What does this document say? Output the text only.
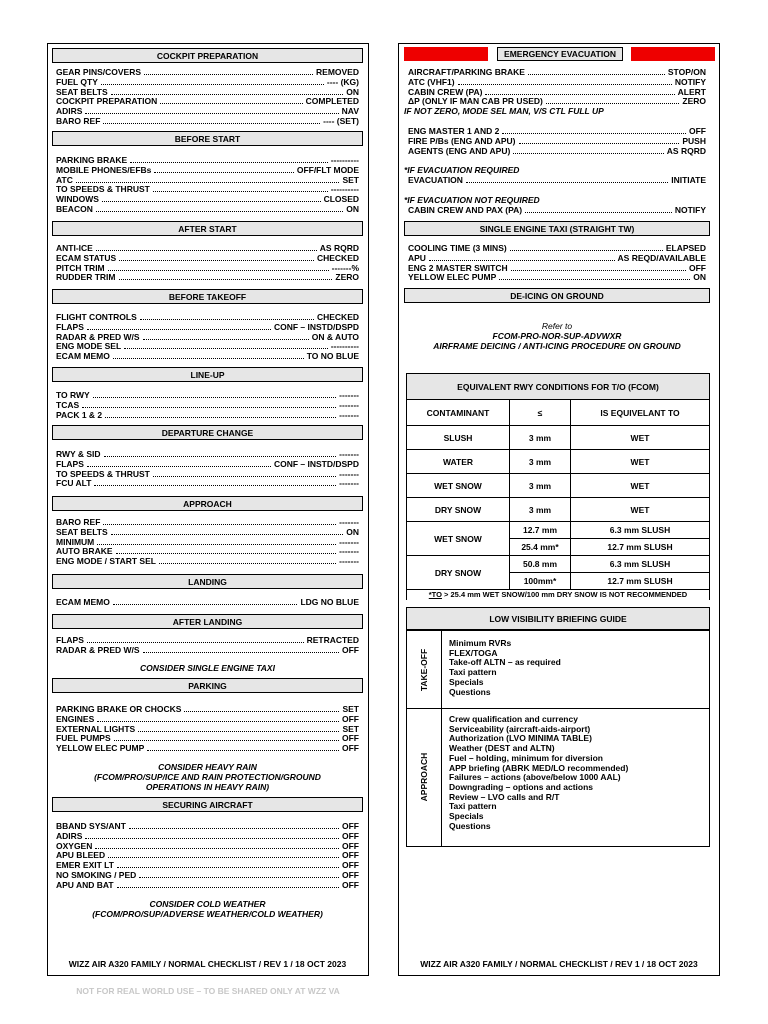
COCKPIT PREPARATION
GEAR PINS/COVERS	REMOVED
FUEL QTY	---- (KG)
SEAT BELTS	ON
COCKPIT PREPARATION	COMPLETED
ADIRS	NAV
BARO REF	---- (SET)
BEFORE START
PARKING BRAKE	----------
MOBILE PHONES/EFBs	OFF/FLT MODE
ATC	SET
TO SPEEDS & THRUST	----------
WINDOWS	CLOSED
BEACON	ON
AFTER START
ANTI-ICE	AS RQRD
ECAM STATUS	CHECKED
PITCH TRIM	-------%
RUDDER TRIM	ZERO
BEFORE TAKEOFF
FLIGHT CONTROLS	CHECKED
FLAPS	CONF – INSTD/DSPD
RADAR & PRED W/S	ON & AUTO
ENG MODE SEL	----------
ECAM MEMO	TO NO BLUE
LINE-UP
TO RWY	-------
TCAS	-------
PACK 1 & 2	-------
DEPARTURE CHANGE
RWY & SID	-------
FLAPS	CONF – INSTD/DSPD
TO SPEEDS & THRUST	-------
FCU ALT	-------
APPROACH
BARO REF	-------
SEAT BELTS	ON
MINIMUM	-------
AUTO BRAKE	-------
ENG MODE / START SEL	-------
LANDING
ECAM MEMO	LDG NO BLUE
AFTER LANDING
FLAPS	RETRACTED
RADAR & PRED W/S	OFF
CONSIDER SINGLE ENGINE TAXI
PARKING
PARKING BRAKE OR CHOCKS	SET
ENGINES	OFF
EXTERNAL LIGHTS	SET
FUEL PUMPS	OFF
YELLOW ELEC PUMP	OFF
CONSIDER HEAVY RAIN
(FCOM/PRO/SUP/ICE AND RAIN PROTECTION/GROUND
OPERATIONS IN HEAVY RAIN)
SECURING AIRCRAFT
BBAND SYS/ANT	OFF
ADIRS	OFF
OXYGEN	OFF
APU BLEED	OFF
EMER EXIT LT	OFF
NO SMOKING / PED	OFF
APU AND BAT	OFF
CONSIDER COLD WEATHER
(FCOM/PRO/SUP/ADVERSE WEATHER/COLD WEATHER)
WIZZ AIR A320 FAMILY / NORMAL CHECKLIST / REV 1 / 18 OCT 2023
EMERGENCY EVACUATION
AIRCRAFT/PARKING BRAKE	STOP/ON
ATC (VHF1)	NOTIFY
CABIN CREW (PA)	ALERT
ΔP (ONLY IF MAN CAB PR USED)	ZERO
IF NOT ZERO, MODE SEL MAN, V/S CTL FULL UP
ENG MASTER 1 AND 2	OFF
FIRE P/Bs (ENG AND APU)	PUSH
AGENTS (ENG AND APU)	AS RQRD
*IF EVACUATION REQUIRED
EVACUATION	INITIATE
*IF EVACUATION NOT REQUIRED
CABIN CREW AND PAX (PA)	NOTIFY
SINGLE ENGINE TAXI (STRAIGHT TW)
COOLING TIME (3 MINS)	ELAPSED
APU	AS REQD/AVAILABLE
ENG 2 MASTER SWITCH	OFF
YELLOW ELEC PUMP	ON
DE-ICING ON GROUND
Refer to
FCOM-PRO-NOR-SUP-ADVWXR
AIRFRAME DEICING / ANTI-ICING PROCEDURE ON GROUND
EQUIVALENT RWY CONDITIONS FOR T/O (FCOM)		
CONTAMINANT	≤	IS EQUIVELANT TO
SLUSH	3 mm	WET
WATER	3 mm	WET
WET SNOW	3 mm	WET
DRY SNOW	3 mm	WET
WET SNOW	12.7 mm	6.3 mm SLUSH
	25.4 mm*	12.7 mm SLUSH
DRY SNOW	50.8 mm	6.3 mm SLUSH
	100mm*	12.7 mm SLUSH
*TO > 25.4 mm WET SNOW/100 mm DRY SNOW IS NOT RECOMMENDED		
LOW VISIBILITY BRIEFING GUIDE
TAKE-OFF
Minimum RVRs
FLEX/TOGA
Take-off ALTN – as required
Taxi pattern
Specials
Questions
APPROACH
Crew qualification and currency
Serviceability (aircraft-aids-airport)
Authorization (LVO MINIMA TABLE)
Weather (DEST and ALTN)
Fuel – holding, minimum for diversion
APP briefing (ABRK MED/LO recommended)
Failures – actions (above/below 1000 AAL)
Downgrading – options and actions
Review – LVO calls and R/T
Taxi pattern
Specials
Questions
WIZZ AIR A320 FAMILY / NORMAL CHECKLIST / REV 1 / 18 OCT 2023
NOT FOR REAL WORLD USE – TO BE SHARED ONLY AT WZZ VA
